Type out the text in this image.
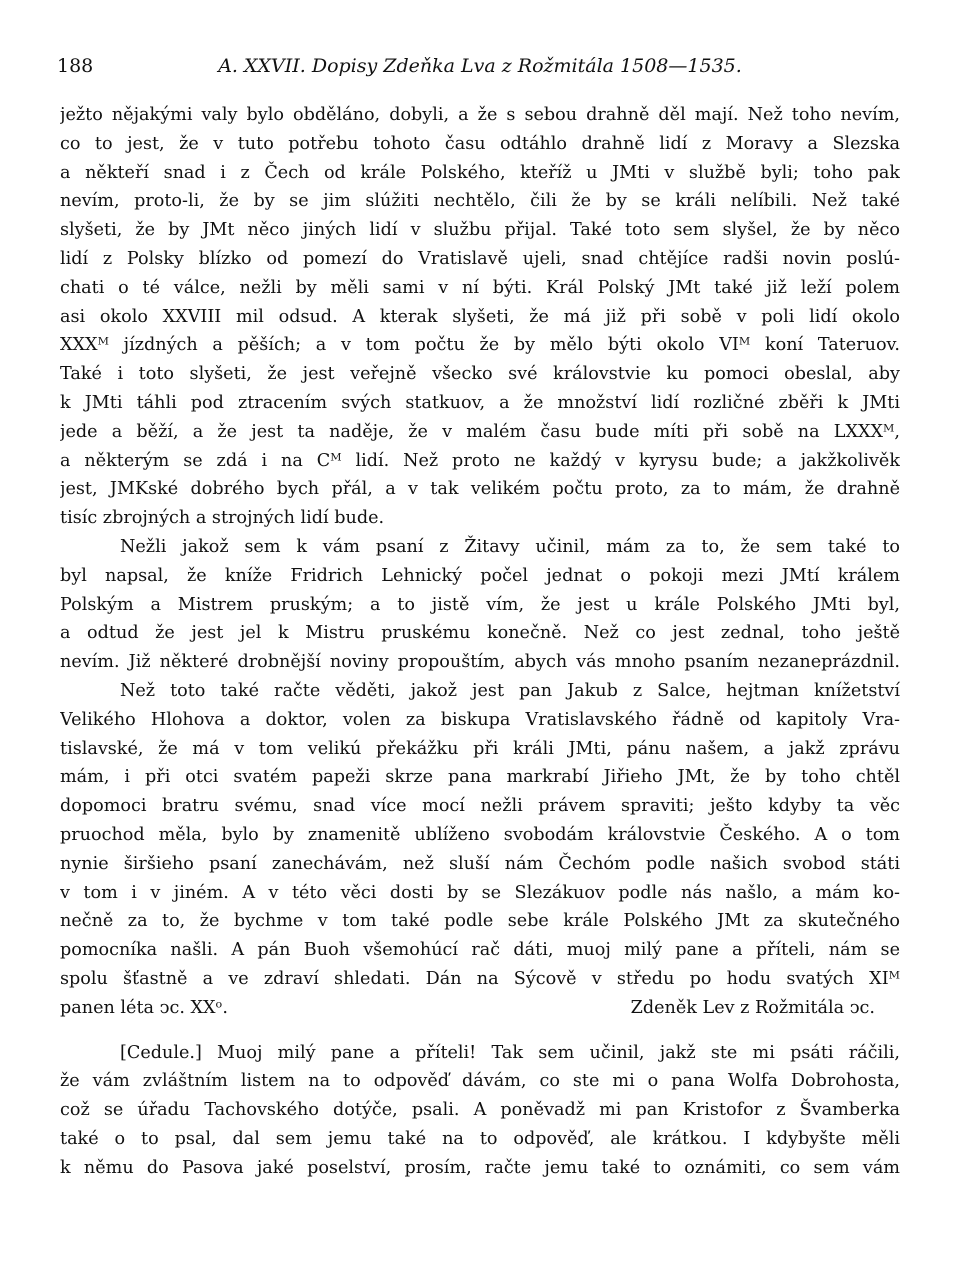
188	A. XXVII. Dopisy Zdeňka Lva z Rožmitála 1508—1535.
ježto nějakými valy bylo obděláno, dobyli, a že s sebou drahně děl mají. Než toho nevím,
co to jest, že v tuto potřebu tohoto času odtáhlo drahně lidí z Moravy a Slezska
a někteří snad i z Čech od krále Polského, kteříž u JMti v službě byli; toho pak
nevím, proto-li, že by se jim slúžiti nechtělo, čili že by se králi nelíbili. Než také
slyšeti, že by JMt něco jiných lidí v službu přijal. Také toto sem slyšel, že by něco
lidí z Polsky blízko od pomezí do Vratislavě ujeli, snad chtějíce radši novin poslú-
chati o té válce, nežli by měli sami v ní býti. Král Polský JMt také již leží polem
asi okolo XXVIII mil odsud. A kterak slyšeti, že má již při sobě v poli lidí okolo
XXXᴹ jízdných a pěších; a v tom počtu že by mělo býti okolo VIᴹ koní Tateruov.
Také i toto slyšeti, že jest veřejně všecko své královstvie ku pomoci obeslal, aby
k JMti táhli pod ztracením svých statkuov, a že množství lidí rozličné zběři k JMti
jede a běží, a že jest ta naděje, že v malém času bude míti při sobě na LXXXᴹ,
a některým se zdá i na Cᴹ lidí. Než proto ne každý v kyrysu bude; a jakžkolivěk
jest, JMKské dobrého bych přál, a v tak velikém počtu proto, za to mám, že drahně
tisíc zbrojných a strojných lidí bude.
Nežli jakož sem k vám psaní z Žitavy učinil, mám za to, že sem také to
byl napsal, že kníže Fridrich Lehnický počel jednat o pokoji mezi JMtí králem
Polským a Mistrem pruským; a to jistě vím, že jest u krále Polského JMti byl,
a odtud že jest jel k Mistru pruskému konečně. Než co jest zednal, toho ještě
nevím. Již některé drobnější noviny propouštím, abych vás mnoho psaním nezaneprázdnil.
Než toto také račte věděti, jakož jest pan Jakub z Salce, hejtman knížetství
Velikého Hlohova a doktor, volen za biskupa Vratislavského řádně od kapitoly Vra-
tislavské, že má v tom velikú překážku při králi JMti, pánu našem, a jakž zprávu
mám, i při otci svatém papeži skrze pana markrabí Jiřieho JMt, že by toho chtěl
dopomoci bratru svému, snad více mocí nežli právem spraviti; ješto kdyby ta věc
pruochod měla, bylo by znamenitě ublíženo svobodám královstvie Českého. A o tom
nynie širšieho psaní zanechávám, než sluší nám Čechóm podle našich svobod státi
v tom i v jiném. A v této věci dosti by se Slezákuov podle nás našlo, a mám ko-
nečně za to, že bychme v tom také podle sebe krále Polského JMt za skutečného
pomocníka našli. A pán Buoh všemohúcí rač dáti, muoj milý pane a příteli, nám se
spolu šťastně a ve zdraví shledati. Dán na Sýcově v středu po hodu svatých XIᴹ
panen léta ↄc. XXᵒ.	Zdeněk Lev z Rožmitála ↄc.
[Cedule.] Muoj milý pane a příteli! Tak sem učinil, jakž ste mi psáti ráčili,
že vám zvláštním listem na to odpověď dávám, co ste mi o pana Wolfa Dobrohosta,
což se úřadu Tachovského dotýče, psali. A poněvadž mi pan Kristofor z Švamberka
také o to psal, dal sem jemu také na to odpověď, ale krátkou. I kdybyšte měli
k němu do Pasova jaké poselství, prosím, račte jemu také to oznámiti, co sem vám
